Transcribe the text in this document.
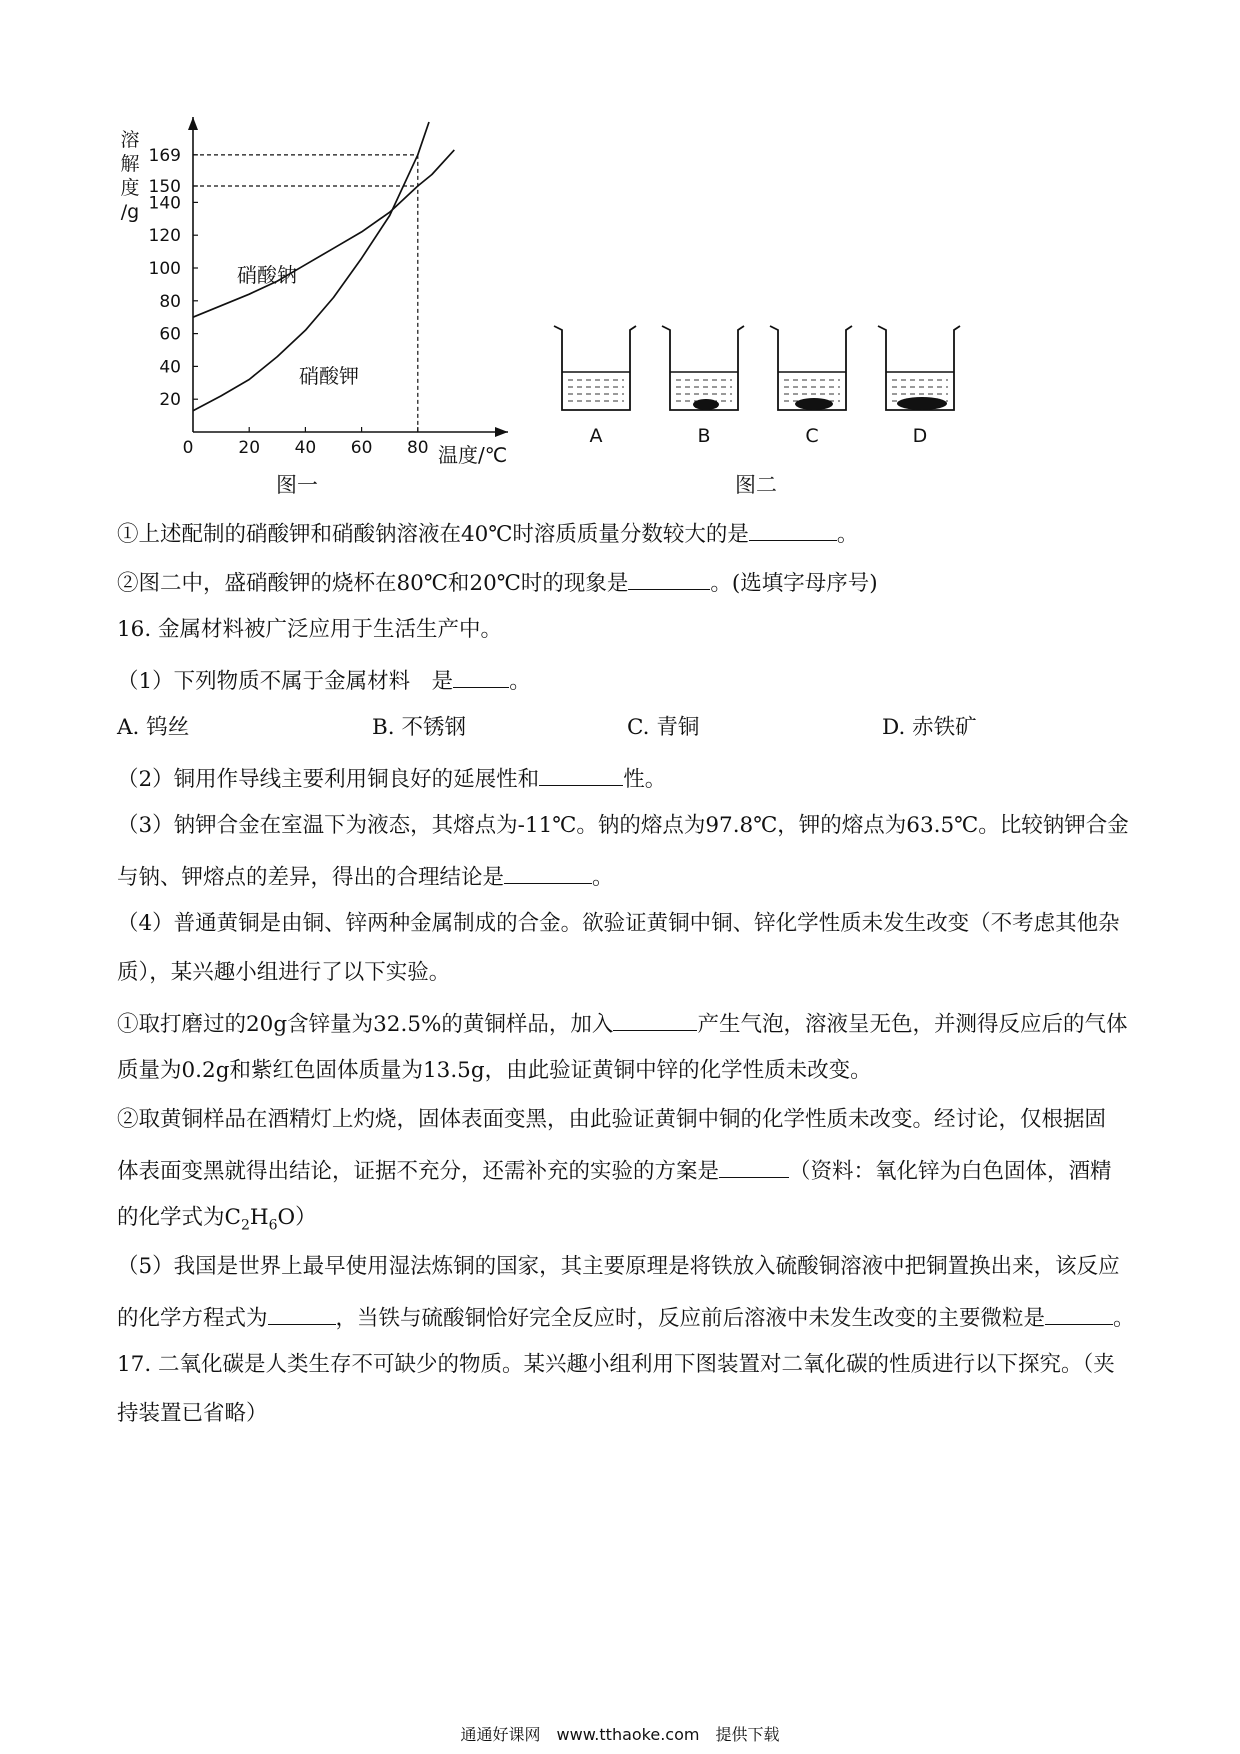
20
40
60
80
100
120
140
150
169
0	20 40 60 80
溶
解
度
/g
温度/℃
硝酸钠
硝酸钾
图一
A	B	C	D
图二
①上述配制的硝酸钾和硝酸钠溶液在40℃时溶质质量分数较大的是	。
②图二中，盛硝酸钾的烧杯在80℃和20℃时的现象是	。(选填字母序号)
16. 金属材料被广泛应用于生活生产中。
（1）下列物质不属于金属材料　是	。
A. 钨丝	B. 不锈钢	C. 青铜	D. 赤铁矿
（2）铜用作导线主要利用铜良好的延展性和	性。
（3）钠钾合金在室温下为液态，其熔点为-11℃。钠的熔点为97.8℃，钾的熔点为63.5℃。比较钠钾合金
与钠、钾熔点的差异，得出的合理结论是	。
（4）普通黄铜是由铜、锌两种金属制成的合金。欲验证黄铜中铜、锌化学性质未发生改变（不考虑其他杂
质），某兴趣小组进行了以下实验。
①取打磨过的20g含锌量为32.5%的黄铜样品，加入	产生气泡，溶液呈无色，并测得反应后的气体
质量为0.2g和紫红色固体质量为13.5g，由此验证黄铜中锌的化学性质未改变。
②取黄铜样品在酒精灯上灼烧，固体表面变黑，由此验证黄铜中铜的化学性质未改变。经讨论，仅根据固
体表面变黑就得出结论，证据不充分，还需补充的实验的方案是	（资料：氧化锌为白色固体，酒精
的化学式为$C_2H_6O$）
（5）我国是世界上最早使用湿法炼铜的国家，其主要原理是将铁放入硫酸铜溶液中把铜置换出来，该反应
的化学方程式为	，当铁与硫酸铜恰好完全反应时，反应前后溶液中未发生改变的主要微粒是	。
17. 二氧化碳是人类生存不可缺少的物质。某兴趣小组利用下图装置对二氧化碳的性质进行以下探究。（夹
持装置已省略）
通通好课网　www.tthaoke.com　提供下载
